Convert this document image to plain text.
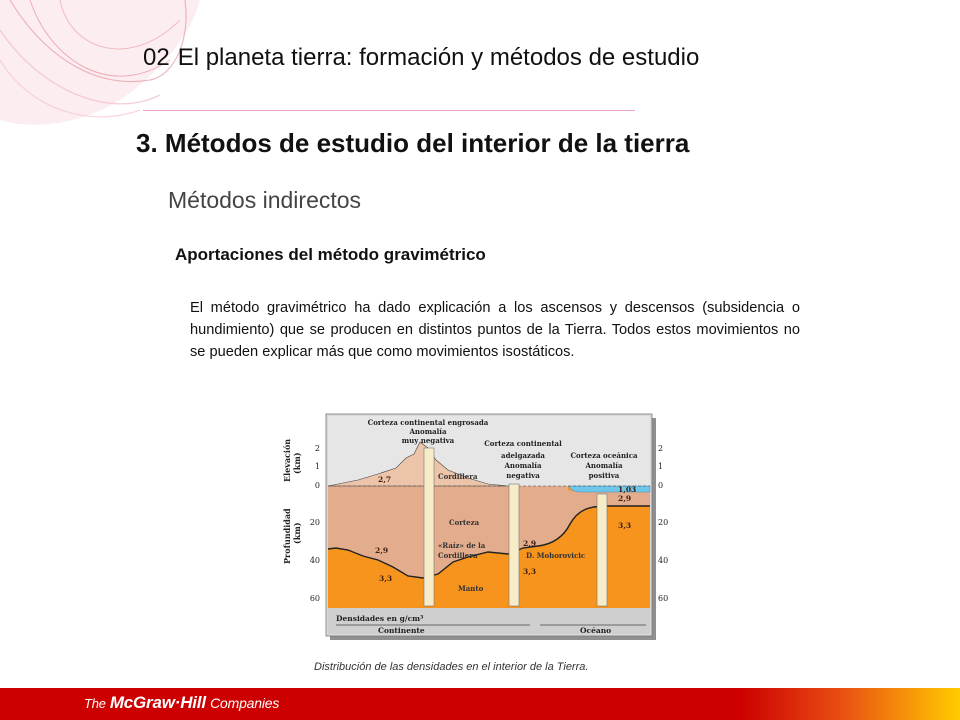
02 El planeta tierra: formación y métodos de estudio
3. Métodos de estudio del interior de la tierra
Métodos indirectos
Aportaciones del método gravimétrico
El método gravimétrico ha dado explicación a los ascensos y descensos (subsidencia o hundimiento) que se producen en distintos puntos de la Tierra. Todos estos movimientos no se pueden explicar más que como movimientos isostáticos.
Elevación (km)
Profundidad (km)
2
1
0
20
40
60
2
1
0
20
40
60
Corteza continental engrosada
Anomalía
muy negativa	Corteza continental
adelgazada
Anomalía
negativa
Corteza oceánica
Anomalía
positiva
Cordillera
Corteza
«Raíz» de la
Cordillera
Manto
D. Mohorovicic
2,7
2,9
3,3
2,9
3,3
1,03
2,9
3,3
Densidades en g/cm³
Continente	Océano
Distribución de las densidades en el interior de la Tierra.
The McGraw·Hill Companies
